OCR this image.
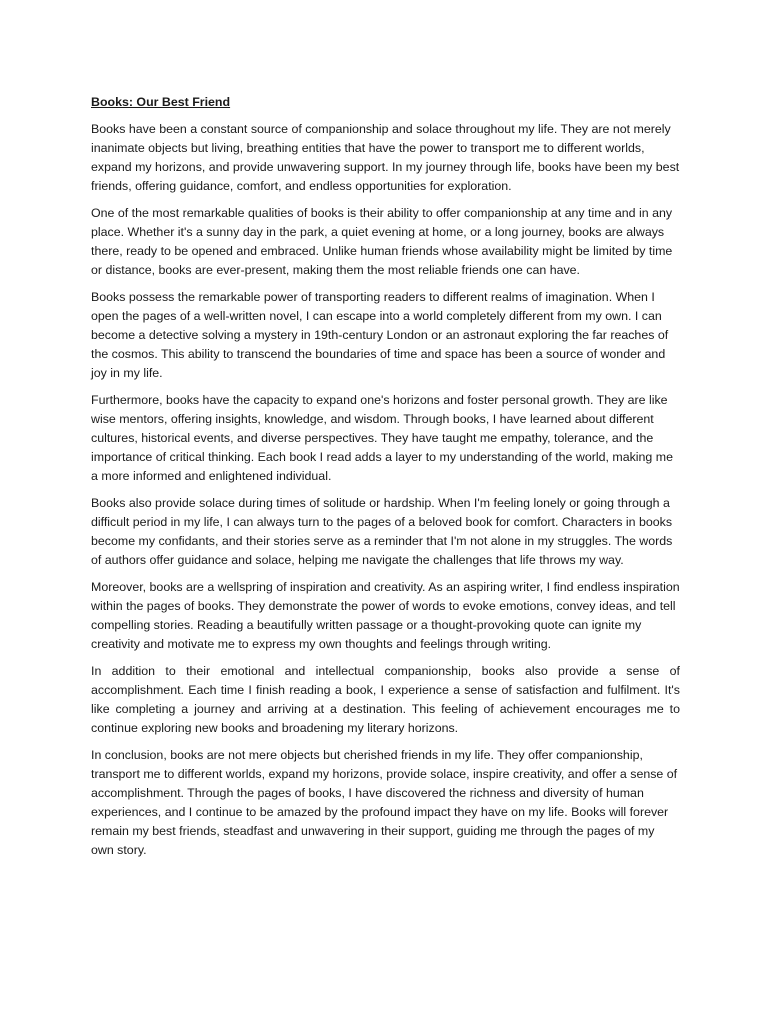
Books: Our Best Friend

Books have been a constant source of companionship and solace throughout my life. They are not merely inanimate objects but living, breathing entities that have the power to transport me to different worlds, expand my horizons, and provide unwavering support. In my journey through life, books have been my best friends, offering guidance, comfort, and endless opportunities for exploration.

One of the most remarkable qualities of books is their ability to offer companionship at any time and in any place. Whether it's a sunny day in the park, a quiet evening at home, or a long journey, books are always there, ready to be opened and embraced. Unlike human friends whose availability might be limited by time or distance, books are ever-present, making them the most reliable friends one can have.

Books possess the remarkable power of transporting readers to different realms of imagination. When I open the pages of a well-written novel, I can escape into a world completely different from my own. I can become a detective solving a mystery in 19th-century London or an astronaut exploring the far reaches of the cosmos. This ability to transcend the boundaries of time and space has been a source of wonder and joy in my life.

Furthermore, books have the capacity to expand one's horizons and foster personal growth. They are like wise mentors, offering insights, knowledge, and wisdom. Through books, I have learned about different cultures, historical events, and diverse perspectives. They have taught me empathy, tolerance, and the importance of critical thinking. Each book I read adds a layer to my understanding of the world, making me a more informed and enlightened individual.

Books also provide solace during times of solitude or hardship. When I'm feeling lonely or going through a difficult period in my life, I can always turn to the pages of a beloved book for comfort. Characters in books become my confidants, and their stories serve as a reminder that I'm not alone in my struggles. The words of authors offer guidance and solace, helping me navigate the challenges that life throws my way.

Moreover, books are a wellspring of inspiration and creativity. As an aspiring writer, I find endless inspiration within the pages of books. They demonstrate the power of words to evoke emotions, convey ideas, and tell compelling stories. Reading a beautifully written passage or a thought-provoking quote can ignite my creativity and motivate me to express my own thoughts and feelings through writing.

In addition to their emotional and intellectual companionship, books also provide a sense of accomplishment. Each time I finish reading a book, I experience a sense of satisfaction and fulfilment. It's like completing a journey and arriving at a destination. This feeling of achievement encourages me to continue exploring new books and broadening my literary horizons.

In conclusion, books are not mere objects but cherished friends in my life. They offer companionship, transport me to different worlds, expand my horizons, provide solace, inspire creativity, and offer a sense of accomplishment. Through the pages of books, I have discovered the richness and diversity of human experiences, and I continue to be amazed by the profound impact they have on my life. Books will forever remain my best friends, steadfast and unwavering in their support, guiding me through the pages of my own story.
